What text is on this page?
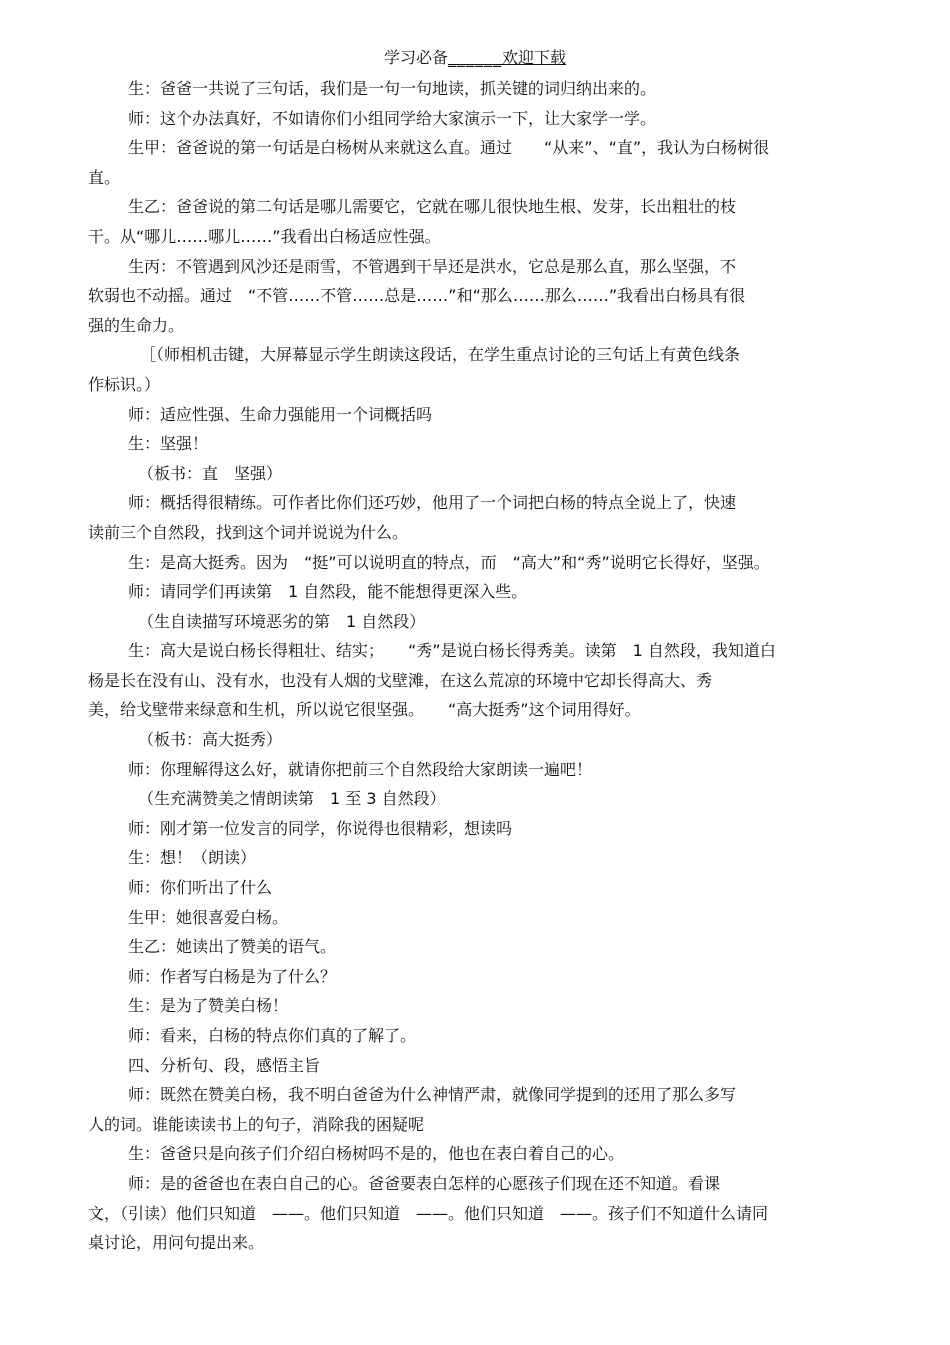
学习必备______欢迎下载
生：爸爸一共说了三句话，我们是一句一句地读，抓关键的词归纳出来的。
师：这个办法真好，不如请你们小组同学给大家演示一下，让大家学一学。
生甲：爸爸说的第一句话是白杨树从来就这么直。通过　　“从来”、“直”，我认为白杨树很
直。
生乙：爸爸说的第二句话是哪儿需要它，它就在哪儿很快地生根、发芽，长出粗壮的枝
干。从“哪儿……哪儿……”我看出白杨适应性强。
生丙：不管遇到风沙还是雨雪，不管遇到干旱还是洪水，它总是那么直，那么坚强，不
软弱也不动摇。通过　“不管……不管……总是……”和“那么……那么……”我看出白杨具有很
强的生命力。
［（师相机击键，大屏幕显示学生朗读这段话，在学生重点讨论的三句话上有黄色线条
作标识。）
师：适应性强、生命力强能用一个词概括吗
生：坚强！
（板书：直　坚强）
师：概括得很精练。可作者比你们还巧妙，他用了一个词把白杨的特点全说上了，快速
读前三个自然段，找到这个词并说说为什么。
生：是高大挺秀。因为　“挺”可以说明直的特点，而　“高大”和“秀”说明它长得好，坚强。
师：请同学们再读第　1 自然段，能不能想得更深入些。
（生自读描写环境恶劣的第　1 自然段）
生：高大是说白杨长得粗壮、结实；　　“秀”是说白杨长得秀美。读第　1 自然段，我知道白
杨是长在没有山、没有水，也没有人烟的戈壁滩，在这么荒凉的环境中它却长得高大、秀
美，给戈壁带来绿意和生机，所以说它很坚强。　　“高大挺秀”这个词用得好。
（板书：高大挺秀）
师：你理解得这么好，就请你把前三个自然段给大家朗读一遍吧！
（生充满赞美之情朗读第　1 至 3 自然段）
师：刚才第一位发言的同学，你说得也很精彩，想读吗
生：想！（朗读）
师：你们听出了什么
生甲：她很喜爱白杨。
生乙：她读出了赞美的语气。
师：作者写白杨是为了什么？
生：是为了赞美白杨！
师：看来，白杨的特点你们真的了解了。
四、分析句、段，感悟主旨
师：既然在赞美白杨，我不明白爸爸为什么神情严肃，就像同学提到的还用了那么多写
人的词。谁能读读书上的句子，消除我的困疑呢
生：爸爸只是向孩子们介绍白杨树吗不是的，他也在表白着自己的心。
师：是的爸爸也在表白自己的心。爸爸要表白怎样的心愿孩子们现在还不知道。看课
文，（引读）他们只知道　——。他们只知道　——。他们只知道　——。孩子们不知道什么请同
桌讨论，用问句提出来。
